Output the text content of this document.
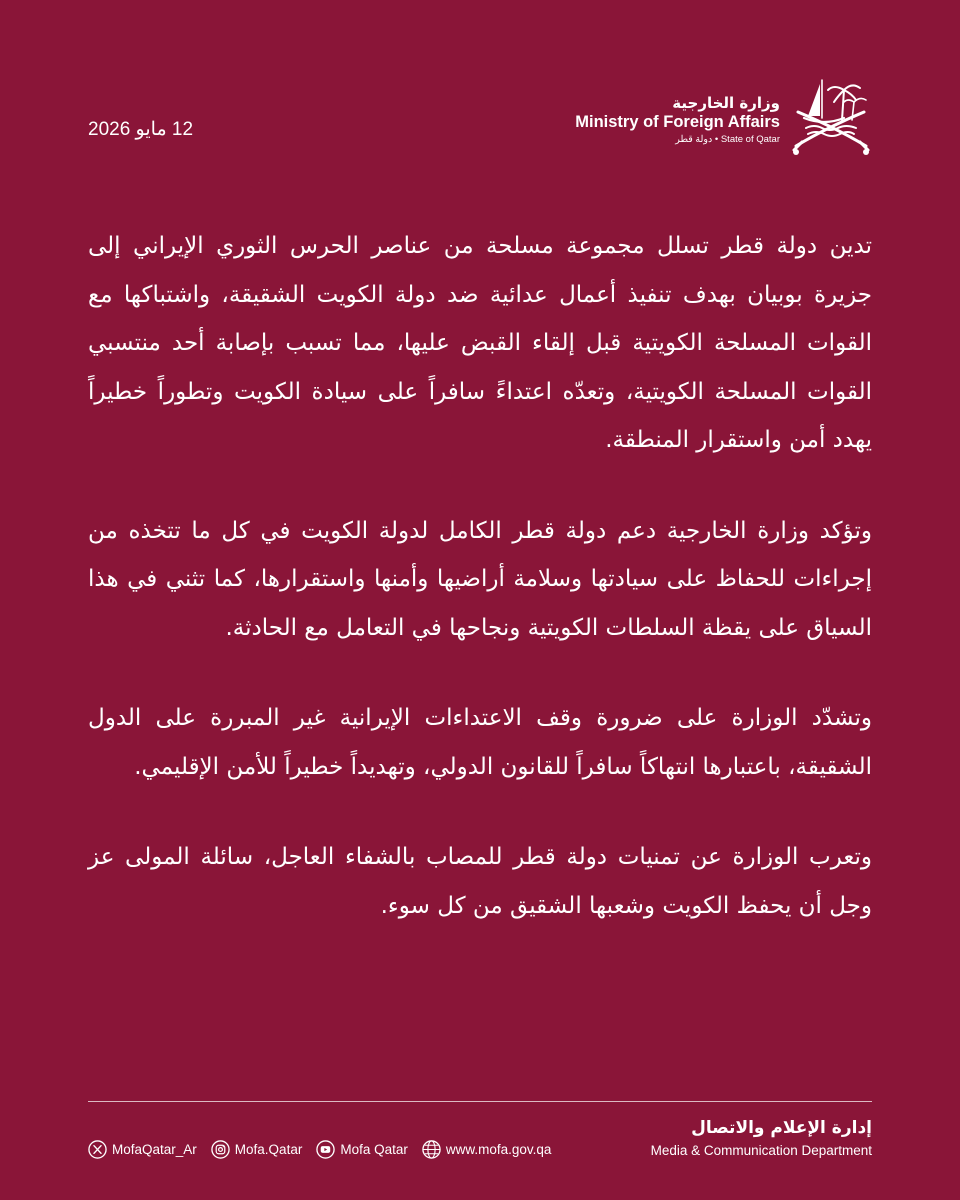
12 مايو 2026
وزارة الخارجية
Ministry of Foreign Affairs
State of Qatar • دولة قطر

تدين دولة قطر تسلل مجموعة مسلحة من عناصر الحرس الثوري الإيراني إلى جزيرة بوبيان بهدف تنفيذ أعمال عدائية ضد دولة الكويت الشقيقة، واشتباكها مع القوات المسلحة الكويتية قبل إلقاء القبض عليها، مما تسبب بإصابة أحد منتسبي القوات المسلحة الكويتية، وتعدّه اعتداءً سافراً على سيادة الكويت وتطوراً خطيراً يهدد أمن واستقرار المنطقة.

وتؤكد وزارة الخارجية دعم دولة قطر الكامل لدولة الكويت في كل ما تتخذه من إجراءات للحفاظ على سيادتها وسلامة أراضيها وأمنها واستقرارها، كما تثني في هذا السياق على يقظة السلطات الكويتية ونجاحها في التعامل مع الحادثة.

وتشدّد الوزارة على ضرورة وقف الاعتداءات الإيرانية غير المبررة على الدول الشقيقة، باعتبارها انتهاكاً سافراً للقانون الدولي، وتهديداً خطيراً للأمن الإقليمي.

وتعرب الوزارة عن تمنيات دولة قطر للمصاب بالشفاء العاجل، سائلة المولى عز وجل أن يحفظ الكويت وشعبها الشقيق من كل سوء.

MofaQatar_Ar	Mofa.Qatar	Mofa Qatar	www.mofa.gov.qa
إدارة الإعلام والاتصال
Media & Communication Department
